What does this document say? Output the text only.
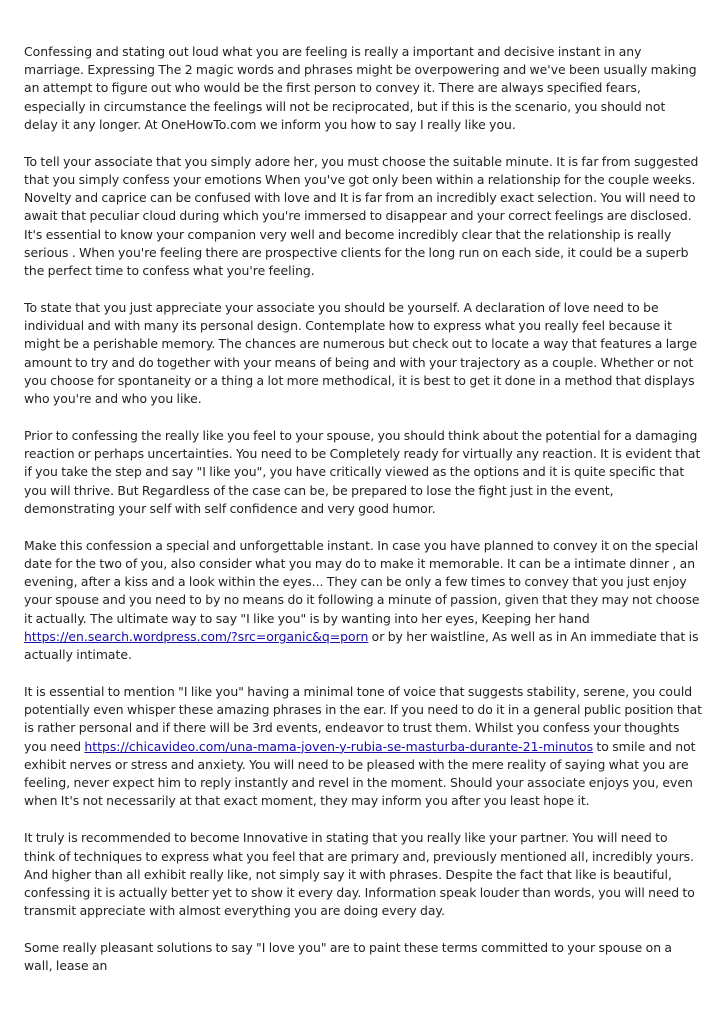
Confessing and stating out loud what you are feeling is really a important and decisive instant in any marriage. Expressing The 2 magic words and phrases might be overpowering and we've been usually making an attempt to figure out who would be the first person to convey it. There are always specified fears, especially in circumstance the feelings will not be reciprocated, but if this is the scenario, you should not delay it any longer. At OneHowTo.com we inform you how to say I really like you.

To tell your associate that you simply adore her, you must choose the suitable minute. It is far from suggested that you simply confess your emotions When you've got only been within a relationship for the couple weeks. Novelty and caprice can be confused with love and It is far from an incredibly exact selection. You will need to await that peculiar cloud during which you're immersed to disappear and your correct feelings are disclosed. It's essential to know your companion very well and become incredibly clear that the relationship is really serious . When you're feeling there are prospective clients for the long run on each side, it could be a superb the perfect time to confess what you're feeling.

To state that you just appreciate your associate you should be yourself. A declaration of love need to be individual and with many its personal design. Contemplate how to express what you really feel because it might be a perishable memory. The chances are numerous but check out to locate a way that features a large amount to try and do together with your means of being and with your trajectory as a couple. Whether or not you choose for spontaneity or a thing a lot more methodical, it is best to get it done in a method that displays who you're and who you like.

Prior to confessing the really like you feel to your spouse, you should think about the potential for a damaging reaction or perhaps uncertainties. You need to be Completely ready for virtually any reaction. It is evident that if you take the step and say "I like you", you have critically viewed as the options and it is quite specific that you will thrive. But Regardless of the case can be, be prepared to lose the fight just in the event, demonstrating your self with self confidence and very good humor.

Make this confession a special and unforgettable instant. In case you have planned to convey it on the special date for the two of you, also consider what you may do to make it memorable. It can be a intimate dinner , an evening, after a kiss and a look within the eyes... They can be only a few times to convey that you just enjoy your spouse and you need to by no means do it following a minute of passion, given that they may not choose it actually. The ultimate way to say "I like you" is by wanting into her eyes, Keeping her hand https://en.search.wordpress.com/?src=organic&q=porn or by her waistline, As well as in An immediate that is actually intimate.

It is essential to mention "I like you" having a minimal tone of voice that suggests stability, serene, you could potentially even whisper these amazing phrases in the ear. If you need to do it in a general public position that is rather personal and if there will be 3rd events, endeavor to trust them. Whilst you confess your thoughts you need https://chicavideo.com/una-mama-joven-y-rubia-se-masturba-durante-21-minutos to smile and not exhibit nerves or stress and anxiety. You will need to be pleased with the mere reality of saying what you are feeling, never expect him to reply instantly and revel in the moment. Should your associate enjoys you, even when It's not necessarily at that exact moment, they may inform you after you least hope it.

It truly is recommended to become Innovative in stating that you really like your partner. You will need to think of techniques to express what you feel that are primary and, previously mentioned all, incredibly yours. And higher than all exhibit really like, not simply say it with phrases. Despite the fact that like is beautiful, confessing it is actually better yet to show it every day. Information speak louder than words, you will need to transmit appreciate with almost everything you are doing every day.

Some really pleasant solutions to say "I love you" are to paint these terms committed to your spouse on a wall, lease an
